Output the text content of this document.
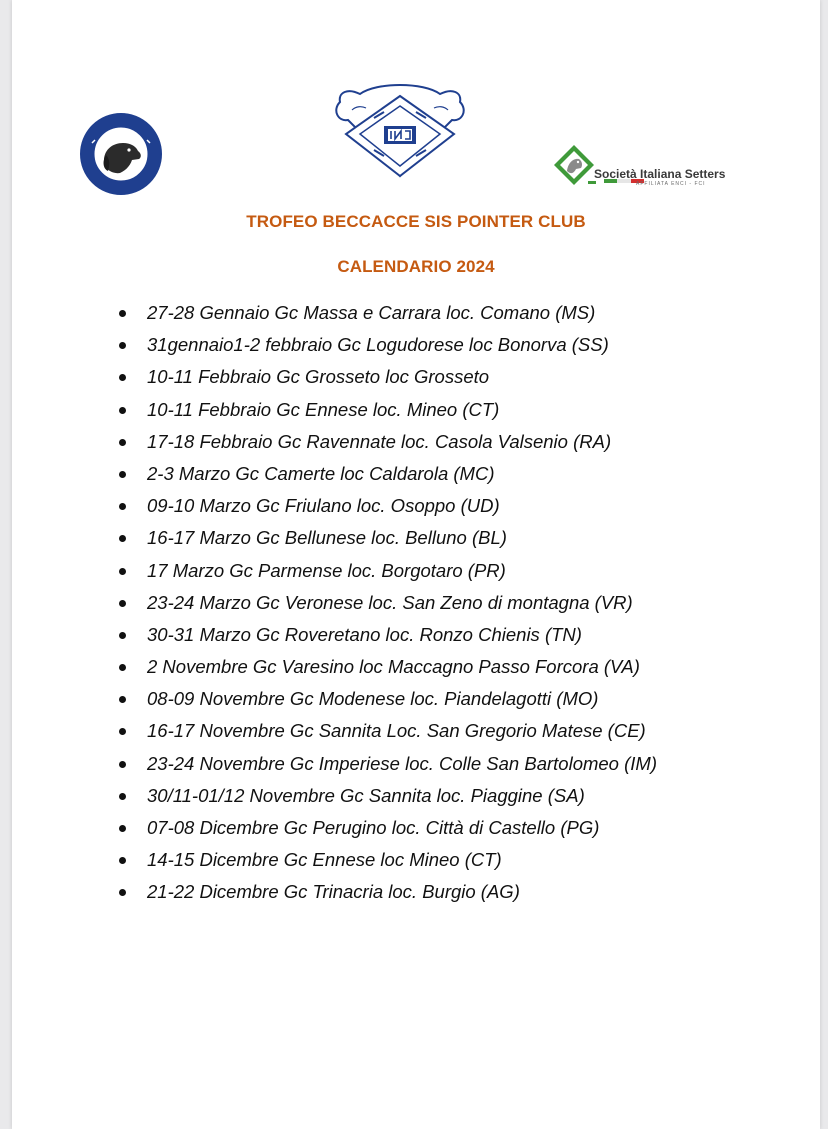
Società Italiana Setters
AFFILIATA ENCI - FCI
TROFEO BECCACCE SIS POINTER CLUB
CALENDARIO 2024
27-28 Gennaio Gc Massa e Carrara loc. Comano (MS)
31gennaio1-2 febbraio Gc Logudorese loc Bonorva (SS)
10-11 Febbraio Gc Grosseto loc Grosseto
10-11 Febbraio Gc Ennese loc. Mineo (CT)
17-18 Febbraio Gc Ravennate loc. Casola Valsenio (RA)
2-3 Marzo Gc Camerte loc Caldarola (MC)
09-10 Marzo Gc Friulano loc. Osoppo (UD)
16-17 Marzo Gc Bellunese loc. Belluno (BL)
17 Marzo Gc Parmense loc. Borgotaro (PR)
23-24 Marzo Gc Veronese loc. San Zeno di montagna (VR)
30-31 Marzo Gc Roveretano loc. Ronzo Chienis (TN)
2 Novembre Gc Varesino loc Maccagno Passo Forcora (VA)
08-09 Novembre Gc Modenese loc. Piandelagotti (MO)
16-17 Novembre Gc Sannita Loc. San Gregorio Matese (CE)
23-24 Novembre Gc Imperiese loc. Colle San Bartolomeo (IM)
30/11-01/12 Novembre Gc Sannita loc. Piaggine (SA)
07-08 Dicembre Gc Perugino loc. Città di Castello (PG)
14-15 Dicembre Gc Ennese loc Mineo (CT)
21-22 Dicembre Gc Trinacria loc. Burgio (AG)
